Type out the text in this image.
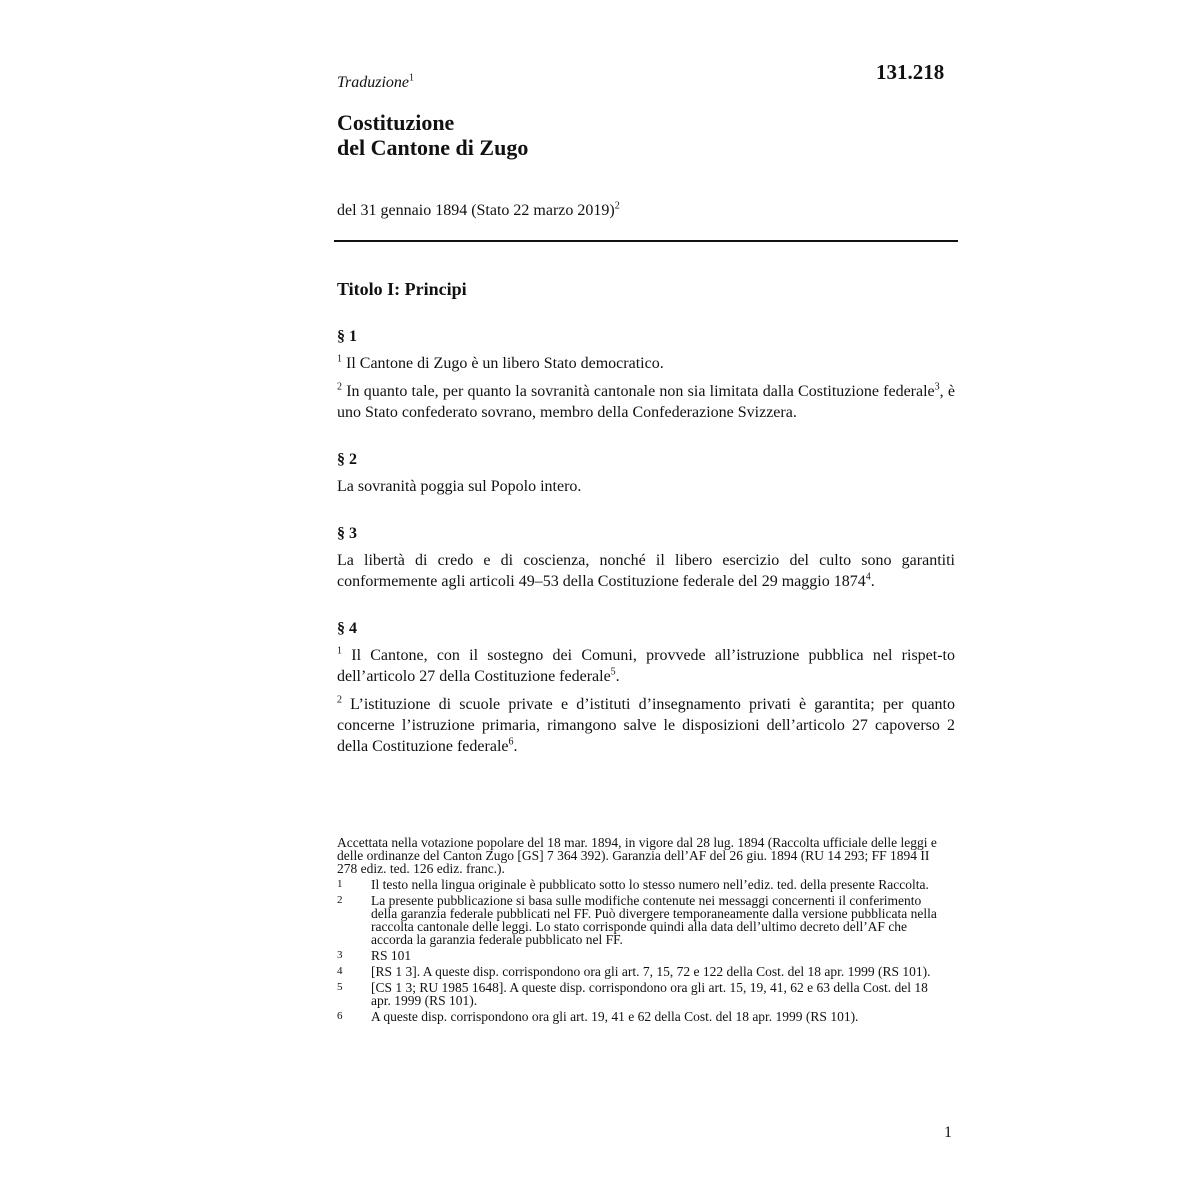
131.218
Traduzione$^1$
Costituzione
del Cantone di Zugo
del 31 gennaio 1894 (Stato 22 marzo 2019)$^2$
Titolo I: Principi
§ 1

$^1$ Il Cantone di Zugo è un libero Stato democratico.

$^2$ In quanto tale, per quanto la sovranità cantonale non sia limitata dalla Costituzione federale$^3$, è uno Stato confederato sovrano, membro della Confederazione Svizzera.

§ 2

La sovranità poggia sul Popolo intero.

§ 3

La libertà di credo e di coscienza, nonché il libero esercizio del culto sono garantiti conformemente agli articoli 49–53 della Costituzione federale del 29 maggio 1874$^4$.

§ 4

$^1$ Il Cantone, con il sostegno dei Comuni, provvede all’istruzione pubblica nel rispet-to dell’articolo 27 della Costituzione federale$^5$.

$^2$ L’istituzione di scuole private e d’istituti d’insegnamento privati è garantita; per quanto concerne l’istruzione primaria, rimangono salve le disposizioni dell’articolo 27 capoverso 2 della Costituzione federale$^6$.

Accettata nella votazione popolare del 18 mar. 1894, in vigore dal 28 lug. 1894 (Raccolta ufficiale delle leggi e delle ordinanze del Canton Zugo [GS] 7 364 392). Garanzia dell’AF del 26 giu. 1894 (RU 14 293; FF 1894 II 278 ediz. ted. 126 ediz. franc.).
1	Il testo nella lingua originale è pubblicato sotto lo stesso numero nell’ediz. ted. della presente Raccolta.
2	La presente pubblicazione si basa sulle modifiche contenute nei messaggi concernenti il conferimento della garanzia federale pubblicati nel FF. Può divergere temporaneamente dalla versione pubblicata nella raccolta cantonale delle leggi. Lo stato corrisponde quindi alla data dell’ultimo decreto dell’AF che accorda la garanzia federale pubblicato nel FF.
3	RS 101
4	[RS 1 3]. A queste disp. corrispondono ora gli art. 7, 15, 72 e 122 della Cost. del 18 apr. 1999 (RS 101).
5	[CS 1 3; RU 1985 1648]. A queste disp. corrispondono ora gli art. 15, 19, 41, 62 e 63 della Cost. del 18 apr. 1999 (RS 101).
6	A queste disp. corrispondono ora gli art. 19, 41 e 62 della Cost. del 18 apr. 1999 (RS 101).
1
